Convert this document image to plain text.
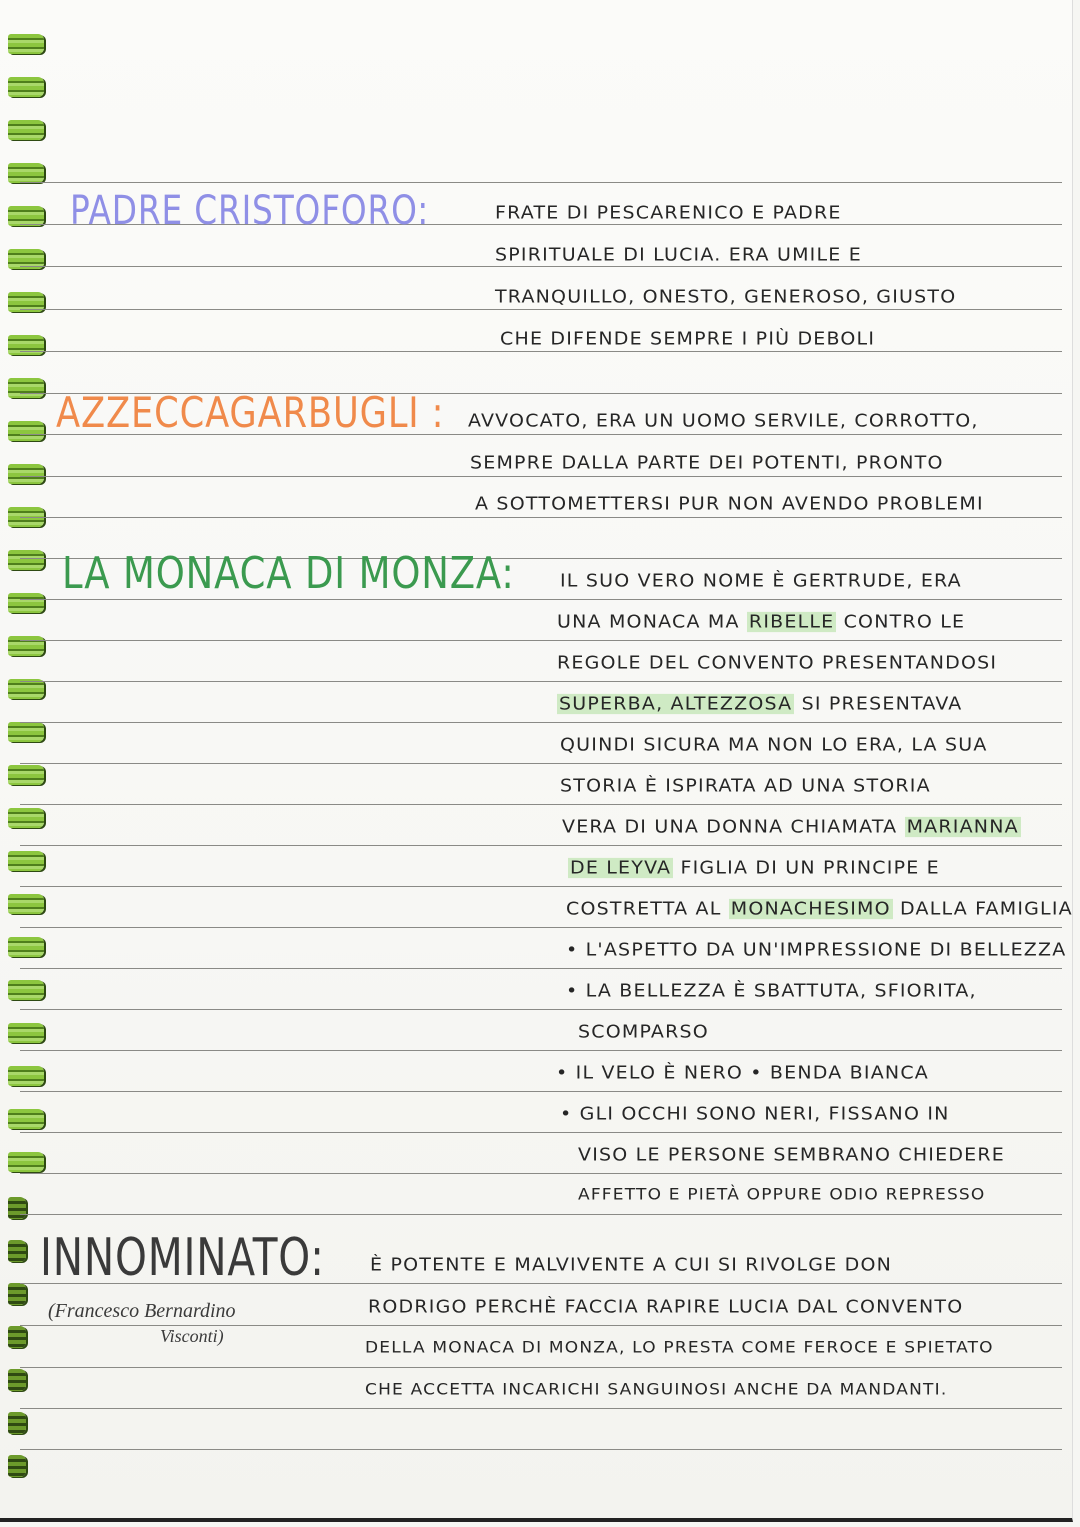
PADRE CRISTOFORO:	FRATE DI PESCARENICO E PADRE
SPIRITUALE DI LUCIA. ERA UMILE E
TRANQUILLO, ONESTO, GENEROSO, GIUSTO
CHE DIFENDE SEMPRE I PIÙ DEBOLI
AZZECCAGARBUGLI : AVVOCATO, ERA UN UOMO SERVILE, CORROTTO,
SEMPRE DALLA PARTE DEI POTENTI, PRONTO
A SOTTOMETTERSI PUR NON AVENDO PROBLEMI
LA MONACA DI MONZA: IL SUO VERO NOME È GERTRUDE, ERA
UNA MONACA MA RIBELLE CONTRO LE
REGOLE DEL CONVENTO PRESENTANDOSI
SUPERBA, ALTEZZOSA SI PRESENTAVA
QUINDI SICURA MA NON LO ERA, LA SUA
STORIA È ISPIRATA AD UNA STORIA
VERA DI UNA DONNA CHIAMATA MARIANNA
DE LEYVA FIGLIA DI UN PRINCIPE E
COSTRETTA AL MONACHESIMO DALLA FAMIGLIA
• L'ASPETTO DA UN'IMPRESSIONE DI BELLEZZA
• LA BELLEZZA È SBATTUTA, SFIORITA,
SCOMPARSO
• IL VELO È NERO • BENDA BIANCA
• GLI OCCHI SONO NERI, FISSANO IN
VISO LE PERSONE SEMBRANO CHIEDERE
AFFETTO E PIETÀ OPPURE ODIO REPRESSO
INNOMINATO:
(Francesco Bernardino
Visconti)
È POTENTE E MALVIVENTE A CUI SI RIVOLGE DON
RODRIGO PERCHÈ FACCIA RAPIRE LUCIA DAL CONVENTO
DELLA MONACA DI MONZA, LO PRESTA COME FEROCE E SPIETATO
CHE ACCETTA INCARICHI SANGUINOSI ANCHE DA MANDANTI.
